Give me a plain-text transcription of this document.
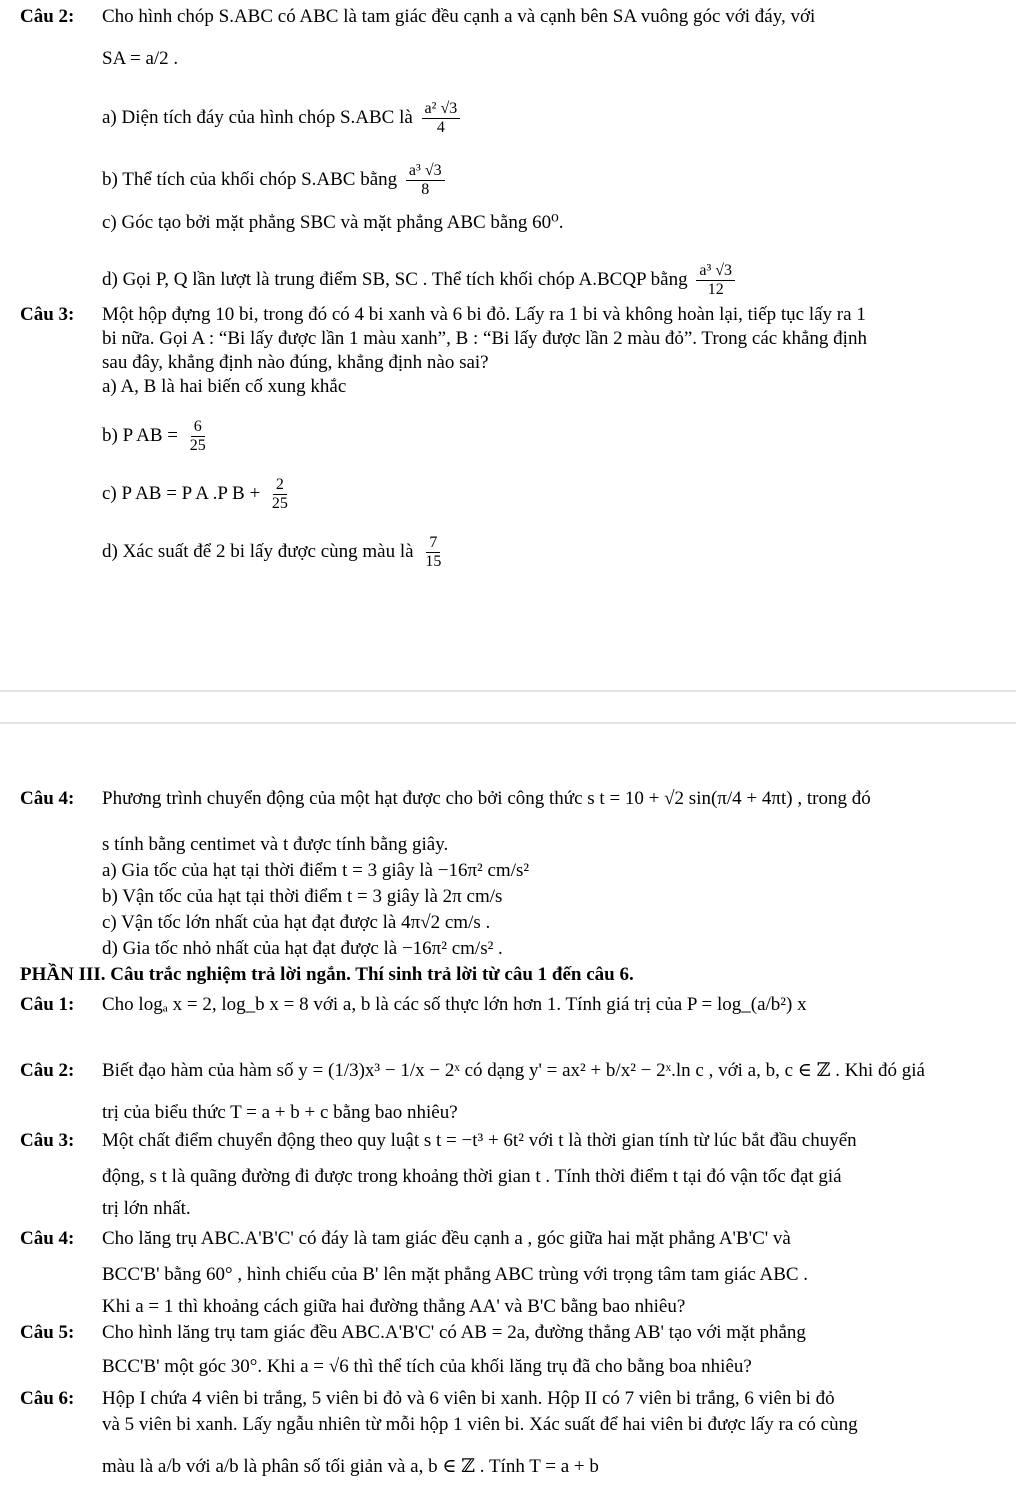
Câu 2: Cho hình chóp S.ABC có ABC là tam giác đều cạnh a và cạnh bên SA vuông góc với đáy, với
SA = a/2 .
a) Diện tích đáy của hình chóp S.ABC là $\frac{\text{a² √3}}{4}$
b) Thể tích của khối chóp S.ABC bằng $\frac{\text{a³ √3}}{8}$
c) Góc tạo bởi mặt phẳng SBC và mặt phẳng ABC bằng 60⁰.
d) Gọi P, Q lần lượt là trung điểm SB, SC . Thể tích khối chóp A.BCQP bằng $\frac{\text{a³ √3}}{12}$
Câu 3: Một hộp đựng 10 bi, trong đó có 4 bi xanh và 6 bi đỏ. Lấy ra 1 bi và không hoàn lại, tiếp tục lấy ra 1
bi nữa. Gọi A : “Bi lấy được lần 1 màu xanh”, B : “Bi lấy được lần 2 màu đỏ”. Trong các khẳng định
sau đây, khẳng định nào đúng, khẳng định nào sai?
a) A, B là hai biến cố xung khắc
b) P AB = $\frac{6}{25}$
c) P AB = P A .P $B + \frac{2}{25}$
d) Xác suất để 2 bi lấy được cùng màu là $\frac{7}{15}$
Câu 4: Phương trình chuyển động của một hạt được cho bởi công thức s t = 10 + √2 sin(π/4 + 4πt) , trong đó
s tính bằng centimet và t được tính bằng giây.
a) Gia tốc của hạt tại thời điểm t = 3 giây là −16π² cm/s²
b) Vận tốc của hạt tại thời điểm t = 3 giây là 2π cm/s
c) Vận tốc lớn nhất của hạt đạt được là 4π√2 cm/s .
d) Gia tốc nhỏ nhất của hạt đạt được là −16π² cm/s² .
PHẦN III. Câu trắc nghiệm trả lời ngắn. Thí sinh trả lời từ câu 1 đến câu 6.
Câu 1: Cho logₐ x = 2, log_b x = 8 với a, b là các số thực lớn hơn 1. Tính giá trị của P = log_(a/b²) x
Câu 2: Biết đạo hàm của hàm số y = (1/3)x³ − 1/x − 2ˣ có dạng y' = ax² + b/x² − 2ˣ.ln c , với a, b, c ∈ ℤ . Khi đó giá
trị của biểu thức T = a + b + c bằng bao nhiêu?
Câu 3: Một chất điểm chuyển động theo quy luật s t = −t³ + 6t² với t là thời gian tính từ lúc bắt đầu chuyển
động, s t là quãng đường đi được trong khoảng thời gian t . Tính thời điểm t tại đó vận tốc đạt giá
trị lớn nhất.
Câu 4: Cho lăng trụ ABC.A'B'C' có đáy là tam giác đều cạnh a , góc giữa hai mặt phẳng A'B'C' và
BCC'B' bằng 60° , hình chiếu của B' lên mặt phẳng ABC trùng với trọng tâm tam giác ABC .
Khi a = 1 thì khoảng cách giữa hai đường thẳng AA' và B'C bằng bao nhiêu?
Câu 5: Cho hình lăng trụ tam giác đều ABC.A'B'C' có AB = 2a, đường thẳng AB' tạo với mặt phẳng
BCC'B' một góc 30°. Khi a = √6 thì thể tích của khối lăng trụ đã cho bằng boa nhiêu?
Câu 6: Hộp I chứa 4 viên bi trắng, 5 viên bi đỏ và 6 viên bi xanh. Hộp II có 7 viên bi trắng, 6 viên bi đỏ
và 5 viên bi xanh. Lấy ngẫu nhiên từ mỗi hộp 1 viên bi. Xác suất để hai viên bi được lấy ra có cùng
màu là a/b với a/b là phân số tối giản và a, b ∈ ℤ . Tính T = a + b
